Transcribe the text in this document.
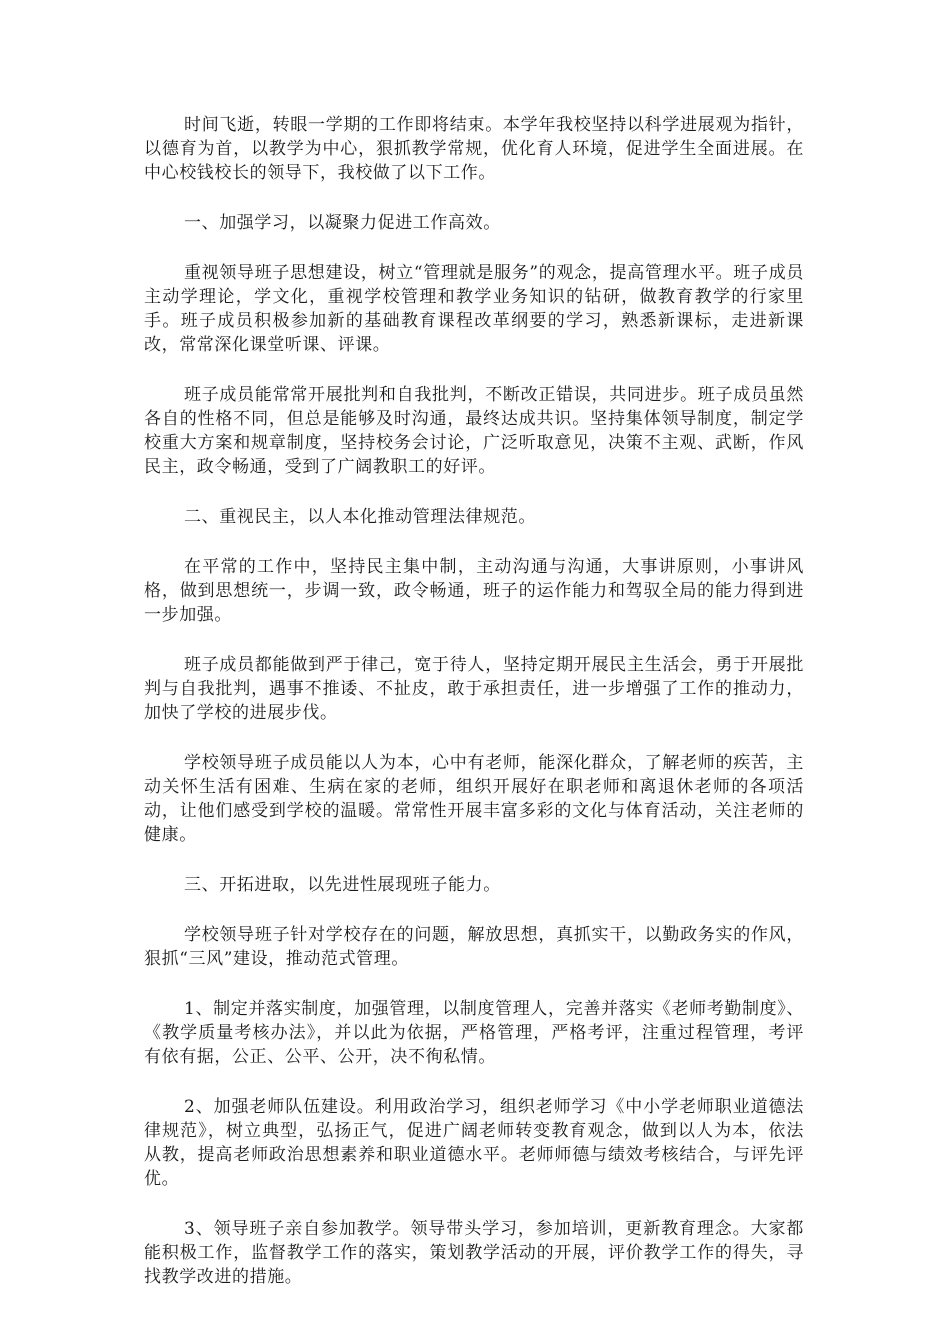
时间飞逝，转眼一学期的工作即将结束。本学年我校坚持以科学进展观为指针，以德育为首，以教学为中心，狠抓教学常规，优化育人环境，促进学生全面进展。在中心校钱校长的领导下，我校做了以下工作。

一、加强学习，以凝聚力促进工作高效。

重视领导班子思想建设，树立“管理就是服务”的观念，提高管理水平。班子成员主动学理论，学文化，重视学校管理和教学业务知识的钻研，做教育教学的行家里手。班子成员积极参加新的基础教育课程改革纲要的学习，熟悉新课标，走进新课改，常常深化课堂听课、评课。

班子成员能常常开展批判和自我批判，不断改正错误，共同进步。班子成员虽然各自的性格不同，但总是能够及时沟通，最终达成共识。坚持集体领导制度，制定学校重大方案和规章制度，坚持校务会讨论，广泛听取意见，决策不主观、武断，作风民主，政令畅通，受到了广阔教职工的好评。

二、重视民主，以人本化推动管理法律规范。

在平常的工作中，坚持民主集中制，主动沟通与沟通，大事讲原则，小事讲风格，做到思想统一，步调一致，政令畅通，班子的运作能力和驾驭全局的能力得到进一步加强。

班子成员都能做到严于律己，宽于待人，坚持定期开展民主生活会，勇于开展批判与自我批判，遇事不推诿、不扯皮，敢于承担责任，进一步增强了工作的推动力，加快了学校的进展步伐。

学校领导班子成员能以人为本，心中有老师，能深化群众，了解老师的疾苦，主动关怀生活有困难、生病在家的老师，组织开展好在职老师和离退休老师的各项活动，让他们感受到学校的温暖。常常性开展丰富多彩的文化与体育活动，关注老师的健康。

三、开拓进取，以先进性展现班子能力。

学校领导班子针对学校存在的问题，解放思想，真抓实干，以勤政务实的作风，狠抓“三风”建设，推动范式管理。

1、制定并落实制度，加强管理，以制度管理人，完善并落实《老师考勤制度》、《教学质量考核办法》，并以此为依据，严格管理，严格考评，注重过程管理，考评有依有据，公正、公平、公开，决不徇私情。

2、加强老师队伍建设。利用政治学习，组织老师学习《中小学老师职业道德法律规范》，树立典型，弘扬正气，促进广阔老师转变教育观念，做到以人为本，依法从教，提高老师政治思想素养和职业道德水平。老师师德与绩效考核结合，与评先评优。

3、领导班子亲自参加教学。领导带头学习，参加培训，更新教育理念。大家都能积极工作，监督教学工作的落实，策划教学活动的开展，评价教学工作的得失，寻找教学改进的措施。
